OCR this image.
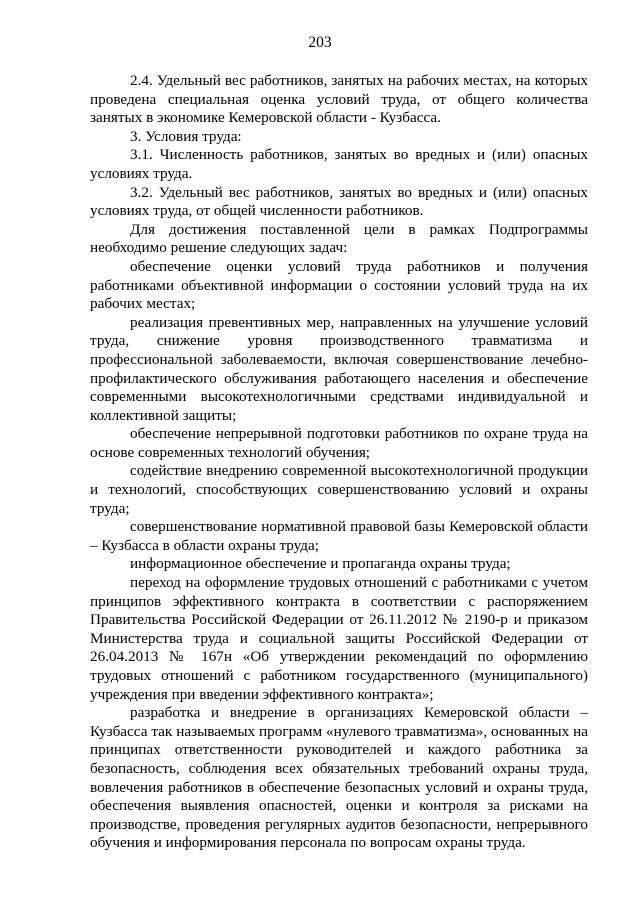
203

2.4. Удельный вес работников, занятых на рабочих местах, на которых проведена специальная оценка условий труда, от общего количества занятых в экономике Кемеровской области - Кузбасса.

3. Условия труда:

3.1. Численность работников, занятых во вредных и (или) опасных условиях труда.

3.2. Удельный вес работников, занятых во вредных и (или) опасных условиях труда, от общей численности работников.

Для достижения поставленной цели в рамках Подпрограммы необходимо решение следующих задач:

обеспечение оценки условий труда работников и получения работниками объективной информации о состоянии условий труда на их рабочих местах;

реализация превентивных мер, направленных на улучшение условий труда, снижение уровня производственного травматизма и профессиональной заболеваемости, включая совершенствование лечебно-профилактического обслуживания работающего населения и обеспечение современными высокотехнологичными средствами индивидуальной и коллективной защиты;

обеспечение непрерывной подготовки работников по охране труда на основе современных технологий обучения;

содействие внедрению современной высокотехнологичной продукции и технологий, способствующих совершенствованию условий и охраны труда;

совершенствование нормативной правовой базы Кемеровской области – Кузбасса в области охраны труда;

информационное обеспечение и пропаганда охраны труда;

переход на оформление трудовых отношений с работниками с учетом принципов эффективного контракта в соответствии с распоряжением Правительства Российской Федерации от 26.11.2012 № 2190-р и приказом Министерства труда и социальной защиты Российской Федерации от 26.04.2013 № 167н «Об утверждении рекомендаций по оформлению трудовых отношений с работником государственного (муниципального) учреждения при введении эффективного контракта»;

разработка и внедрение в организациях Кемеровской области – Кузбасса так называемых программ «нулевого травматизма», основанных на принципах ответственности руководителей и каждого работника за безопасность, соблюдения всех обязательных требований охраны труда, вовлечения работников в обеспечение безопасных условий и охраны труда, обеспечения выявления опасностей, оценки и контроля за рисками на производстве, проведения регулярных аудитов безопасности, непрерывного обучения и информирования персонала по вопросам охраны труда.
